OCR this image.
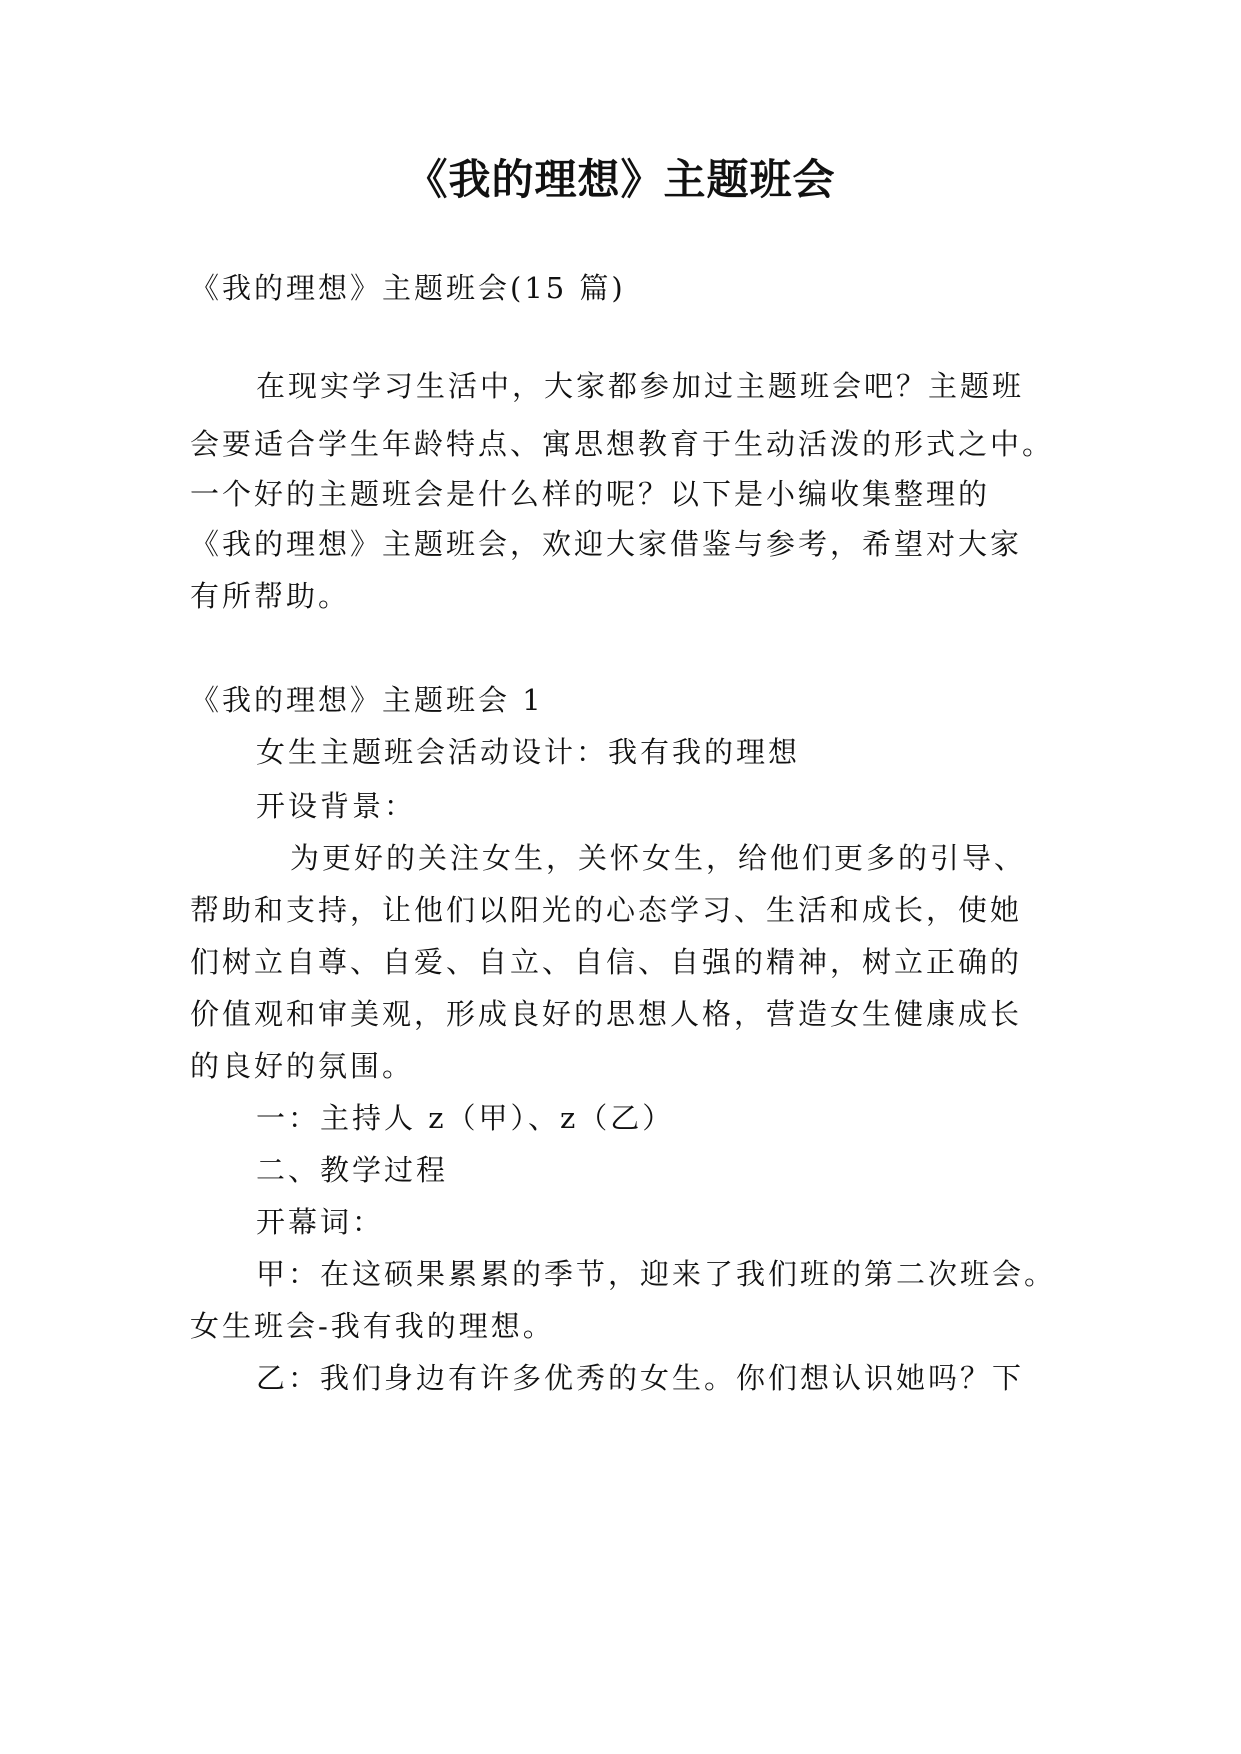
《我的理想》主题班会
《我的理想》主题班会(15 篇)
在现实学习生活中，大家都参加过主题班会吧？主题班
会要适合学生年龄特点、寓思想教育于生动活泼的形式之中。
一个好的主题班会是什么样的呢？以下是小编收集整理的
《我的理想》主题班会，欢迎大家借鉴与参考，希望对大家
有所帮助。
《我的理想》主题班会 1
女生主题班会活动设计：我有我的理想
开设背景：
为更好的关注女生，关怀女生，给他们更多的引导、
帮助和支持，让他们以阳光的心态学习、生活和成长，使她
们树立自尊、自爱、自立、自信、自强的精神，树立正确的
价值观和审美观，形成良好的思想人格，营造女生健康成长
的良好的氛围。
一：主持人 z（甲）、z（乙）
二、教学过程
开幕词：
甲：在这硕果累累的季节，迎来了我们班的第二次班会。
女生班会-我有我的理想。
乙：我们身边有许多优秀的女生。你们想认识她吗？下
